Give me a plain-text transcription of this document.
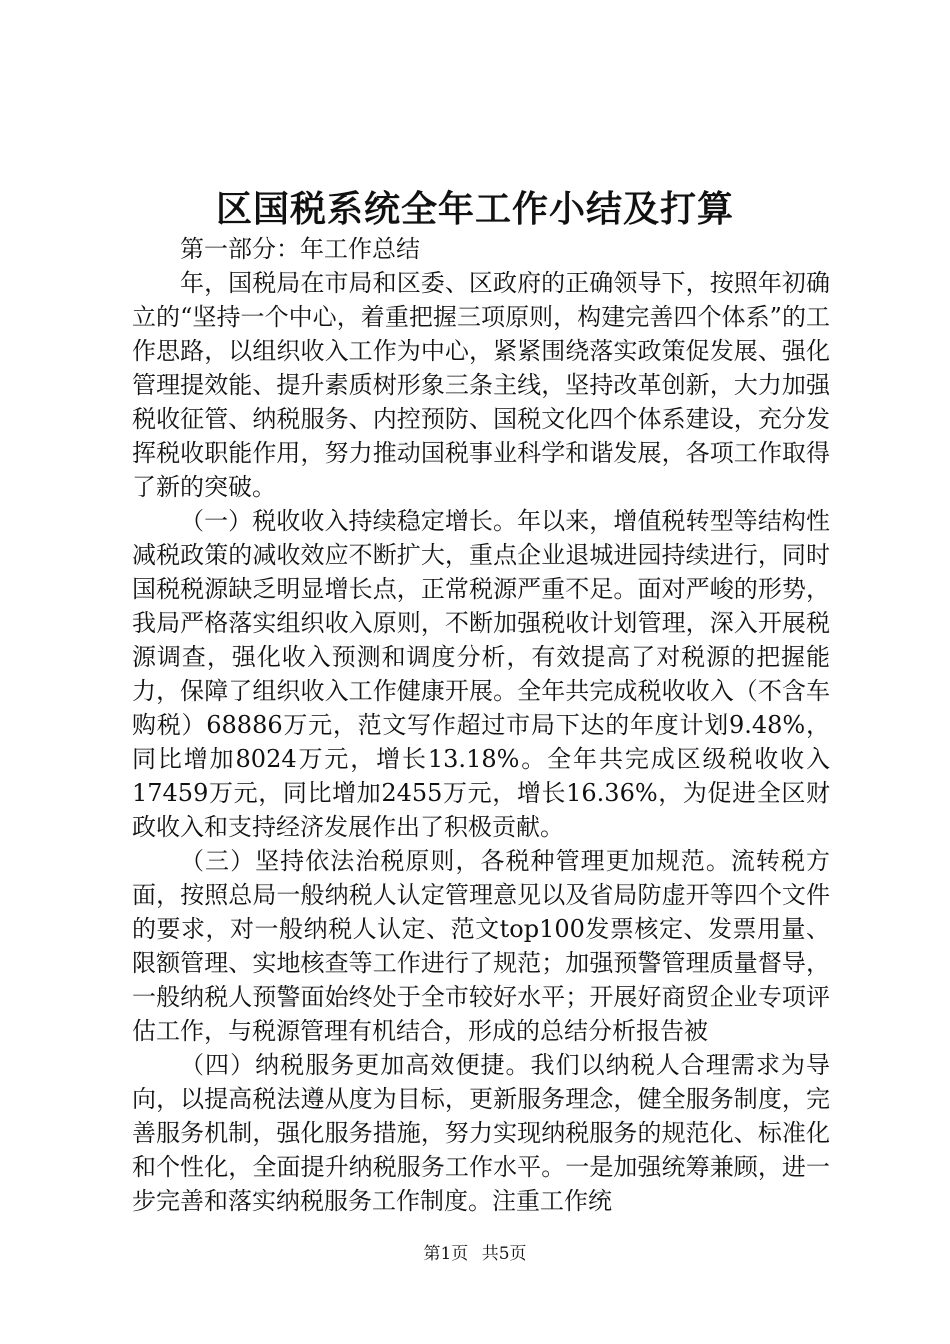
区国税系统全年工作小结及打算

第一部分：年工作总结

年，国税局在市局和区委、区政府的正确领导下，按照年初确立的“坚持一个中心，着重把握三项原则，构建完善四个体系”的工作思路，以组织收入工作为中心，紧紧围绕落实政策促发展、强化管理提效能、提升素质树形象三条主线，坚持改革创新，大力加强税收征管、纳税服务、内控预防、国税文化四个体系建设，充分发挥税收职能作用，努力推动国税事业科学和谐发展，各项工作取得了新的突破。

（一）税收收入持续稳定增长。年以来，增值税转型等结构性减税政策的减收效应不断扩大，重点企业退城进园持续进行，同时国税税源缺乏明显增长点，正常税源严重不足。面对严峻的形势，我局严格落实组织收入原则，不断加强税收计划管理，深入开展税源调查，强化收入预测和调度分析，有效提高了对税源的把握能力，保障了组织收入工作健康开展。全年共完成税收收入（不含车购税）68886万元，范文写作超过市局下达的年度计划9.48%，同比增加8024万元，增长13.18%。全年共完成区级税收收入17459万元，同比增加2455万元，增长16.36%，为促进全区财政收入和支持经济发展作出了积极贡献。

（三）坚持依法治税原则，各税种管理更加规范。流转税方面，按照总局一般纳税人认定管理意见以及省局防虚开等四个文件的要求，对一般纳税人认定、范文top100发票核定、发票用量、限额管理、实地核查等工作进行了规范；加强预警管理质量督导，一般纳税人预警面始终处于全市较好水平；开展好商贸企业专项评估工作，与税源管理有机结合，形成的总结分析报告被

（四）纳税服务更加高效便捷。我们以纳税人合理需求为导向，以提高税法遵从度为目标，更新服务理念，健全服务制度，完善服务机制，强化服务措施，努力实现纳税服务的规范化、标准化和个性化，全面提升纳税服务工作水平。一是加强统筹兼顾，进一步完善和落实纳税服务工作制度。注重工作统

第1页 共5页
